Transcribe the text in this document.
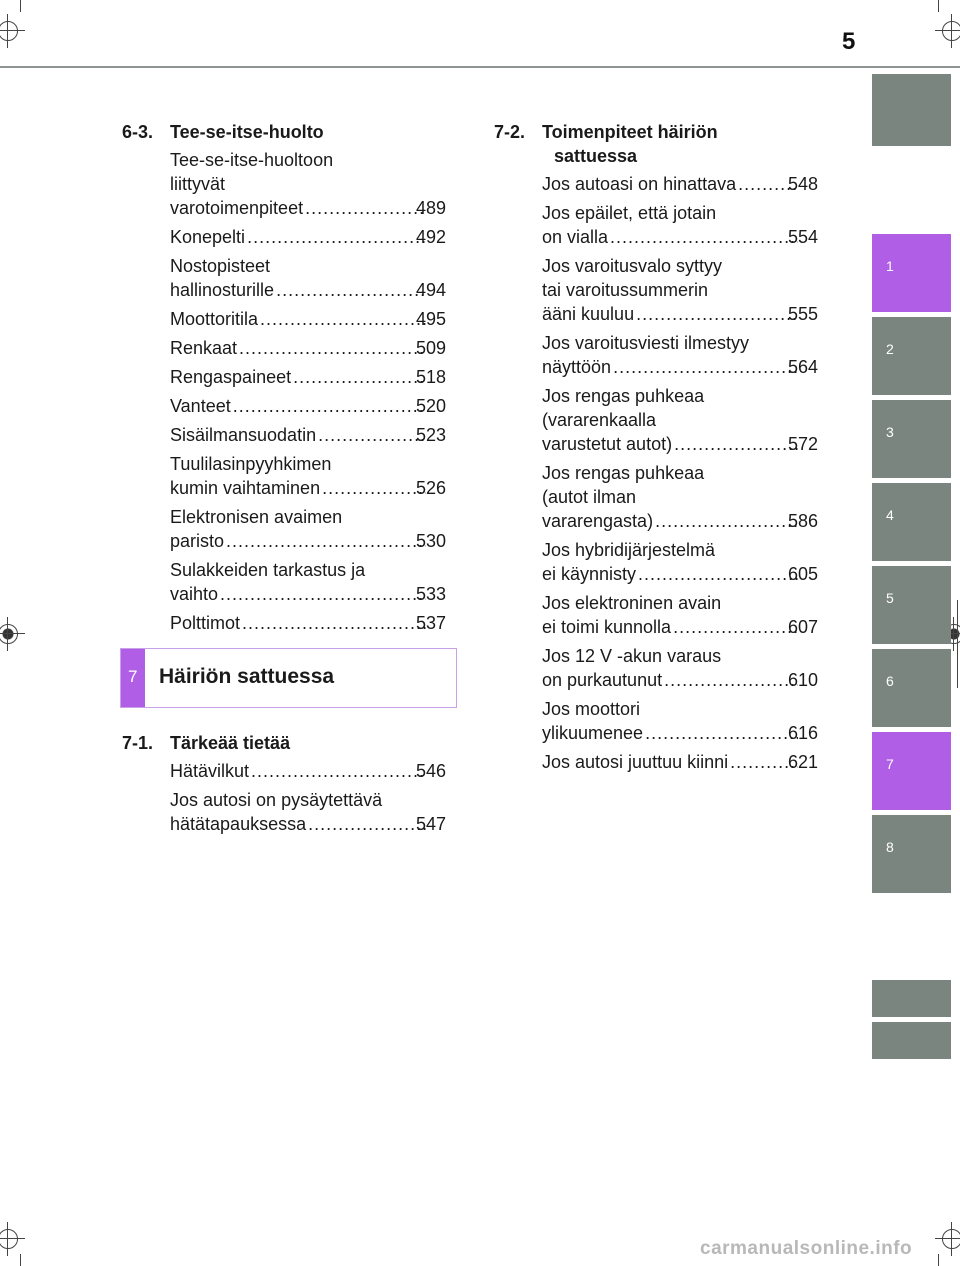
5
1
2
3
4
5
6
7
8
6-3. Tee-se-itse-huolto
Tee-se-itse-huoltoon
liittyvät
varotoimenpiteet .....	489
Konepelti .....	492
Nostopisteet
hallinosturille .....	494
Moottoritila .....	495
Renkaat .....	509
Rengaspaineet .....	518
Vanteet .....	520
Sisäilmansuodatin .....	523
Tuulilasinpyyhkimen
kumin vaihtaminen .....	526
Elektronisen avaimen
paristo .....	530
Sulakkeiden tarkastus ja
vaihto .....	533
Polttimot .....	537
7 Häiriön sattuessa
7-1. Tärkeää tietää
Hätävilkut .....	546
Jos autosi on pysäytettävä
hätätapauksessa .....	547
7-2. Toimenpiteet häiriön
sattuessa
Jos autoasi on hinattava .....	548
Jos epäilet, että jotain
on vialla .....	554
Jos varoitusvalo syttyy
tai varoitussummerin
ääni kuuluu .....	555
Jos varoitusviesti ilmestyy
näyttöön .....	564
Jos rengas puhkeaa
(vararenkaalla
varustetut autot) .....	572
Jos rengas puhkeaa
(autot ilman
vararengasta) .....	586
Jos hybridijärjestelmä
ei käynnisty .....	605
Jos elektroninen avain
ei toimi kunnolla .....	607
Jos 12 V -akun varaus
on purkautunut .....	610
Jos moottori
ylikuumenee .....	616
Jos autosi juuttuu kiinni .....	621
carmanualsonline.info
